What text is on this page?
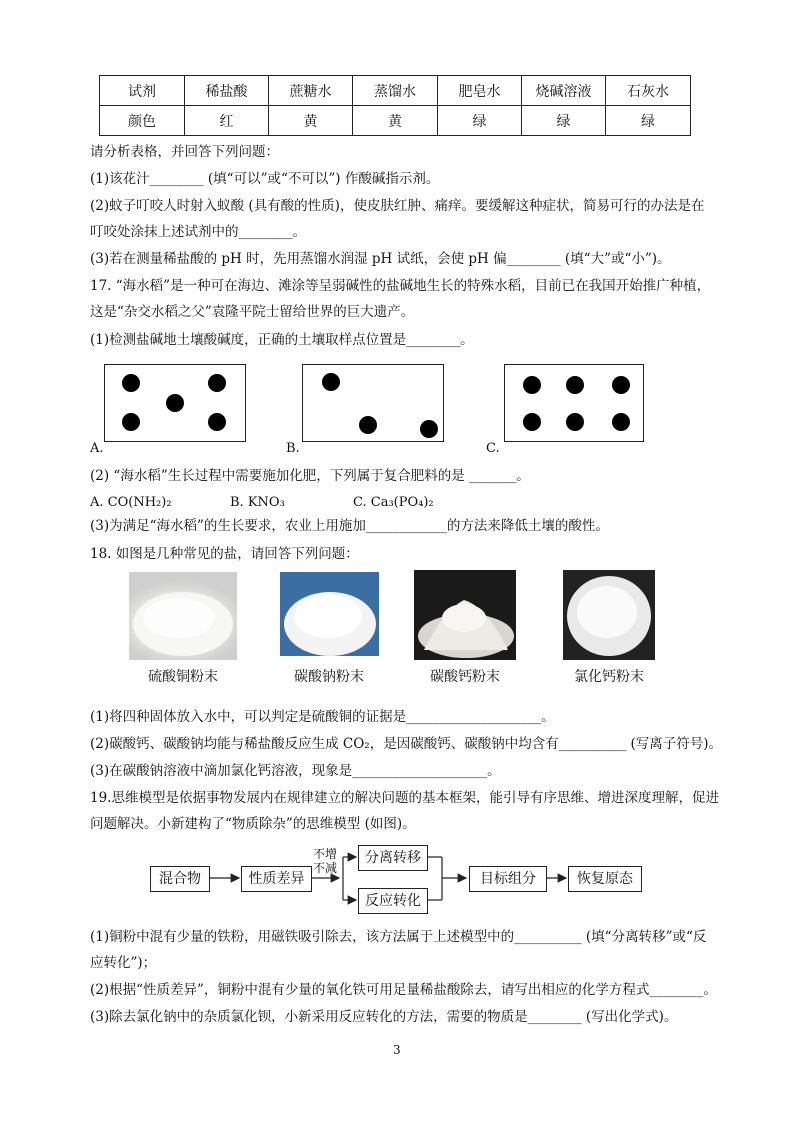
试剂	稀盐酸	蔗糖水	蒸馏水	肥皂水	烧碱溶液	石灰水
颜色	红	黄	黄	绿	绿	绿
请分析表格，并回答下列问题：
(1)该花汁________ (填“可以”或“不可以”) 作酸碱指示剂。
(2)蚊子叮咬人时射入蚁酸 (具有酸的性质)，使皮肤红肿、痛痒。要缓解这种症状，简易可行的办法是在
叮咬处涂抹上述试剂中的________。
(3)若在测量稀盐酸的 pH 时，先用蒸馏水润湿 pH 试纸，会使 pH 偏________ (填“大”或“小”)。
17. “海水稻”是一种可在海边、滩涂等呈弱碱性的盐碱地生长的特殊水稻，目前已在我国开始推广种植，
这是“杂交水稻之父”袁隆平院士留给世界的巨大遗产。
(1)检测盐碱地土壤酸碱度，正确的土壤取样点位置是________。
A.	B.	C.
(2) “海水稻”生长过程中需要施加化肥，下列属于复合肥料的是 _______。
A. CO(NH₂)₂	B. KNO₃	C. Ca₃(PO₄)₂
(3)为满足“海水稻”的生长要求，农业上用施加____________的方法来降低土壤的酸性。
18. 如图是几种常见的盐，请回答下列问题：
硫酸铜粉末	碳酸钠粉末	碳酸钙粉末	氯化钙粉末
(1)将四种固体放入水中，可以判定是硫酸铜的证据是____________________。
(2)碳酸钙、碳酸钠均能与稀盐酸反应生成 CO₂，是因碳酸钙、碳酸钠中均含有__________ (写离子符号)。
(3)在碳酸钠溶液中滴加氯化钙溶液，现象是____________________。
19.思维模型是依据事物发展内在规律建立的解决问题的基本框架，能引导有序思维、增进深度理解，促进
问题解决。小新建构了“物质除杂”的思维模型 (如图)。
混合物	性质差异
不增
不减
分离转移
反应转化
目标组分	恢复原态
(1)铜粉中混有少量的铁粉，用磁铁吸引除去，该方法属于上述模型中的__________ (填“分离转移”或“反
应转化”)；
(2)根据“性质差异”，铜粉中混有少量的氧化铁可用足量稀盐酸除去，请写出相应的化学方程式________。
(3)除去氯化钠中的杂质氯化钡，小新采用反应转化的方法，需要的物质是________ (写出化学式)。
3
